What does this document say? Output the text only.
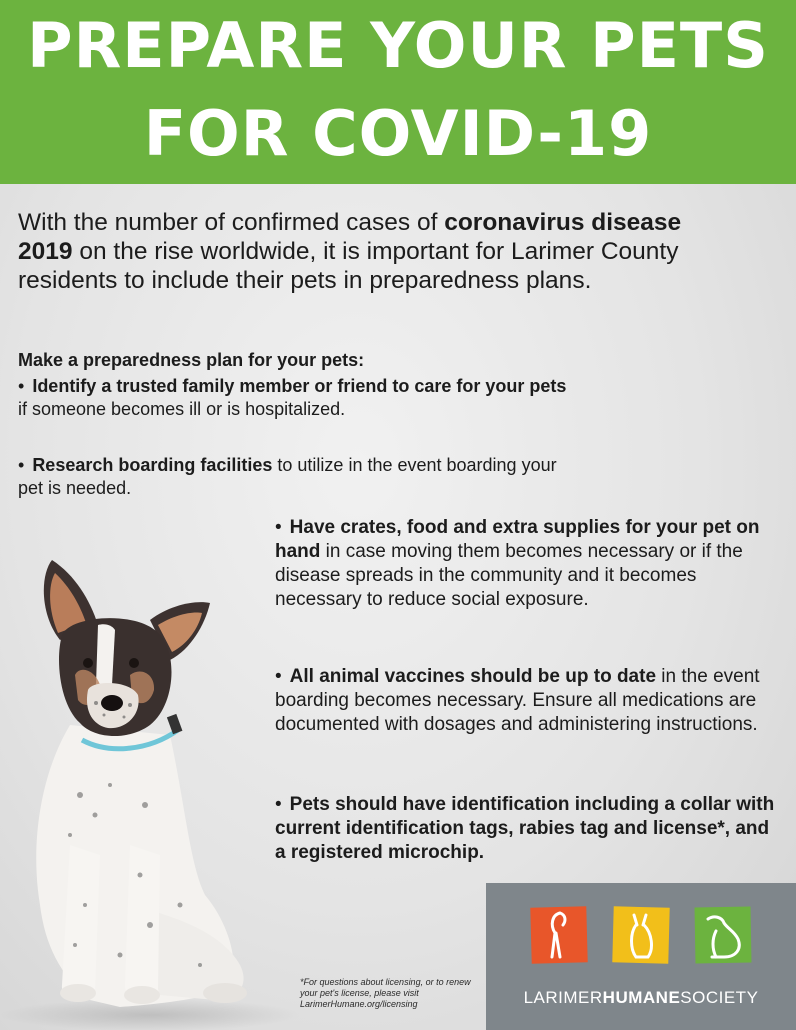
PREPARE YOUR PETS
FOR COVID-19

With the number of confirmed cases of coronavirus disease 2019 on the rise worldwide, it is important for Larimer County residents to include their pets in preparedness plans.

Make a preparedness plan for your pets:
• Identify a trusted family member or friend to care for your pets if someone becomes ill or is hospitalized.
• Research boarding facilities to utilize in the event boarding your pet is needed.
• Have crates, food and extra supplies for your pet on hand in case moving them becomes necessary or if the disease spreads in the community and it becomes necessary to reduce social exposure.
• All animal vaccines should be up to date in the event boarding becomes necessary. Ensure all medications are documented with dosages and administering instructions.
• Pets should have identification including a collar with current identification tags, rabies tag and license*, and a registered microchip.
*For questions about licensing, or to renew your pet's license, please visit LarimerHumane.org/licensing	LARIMERHUMANESOCIETY
